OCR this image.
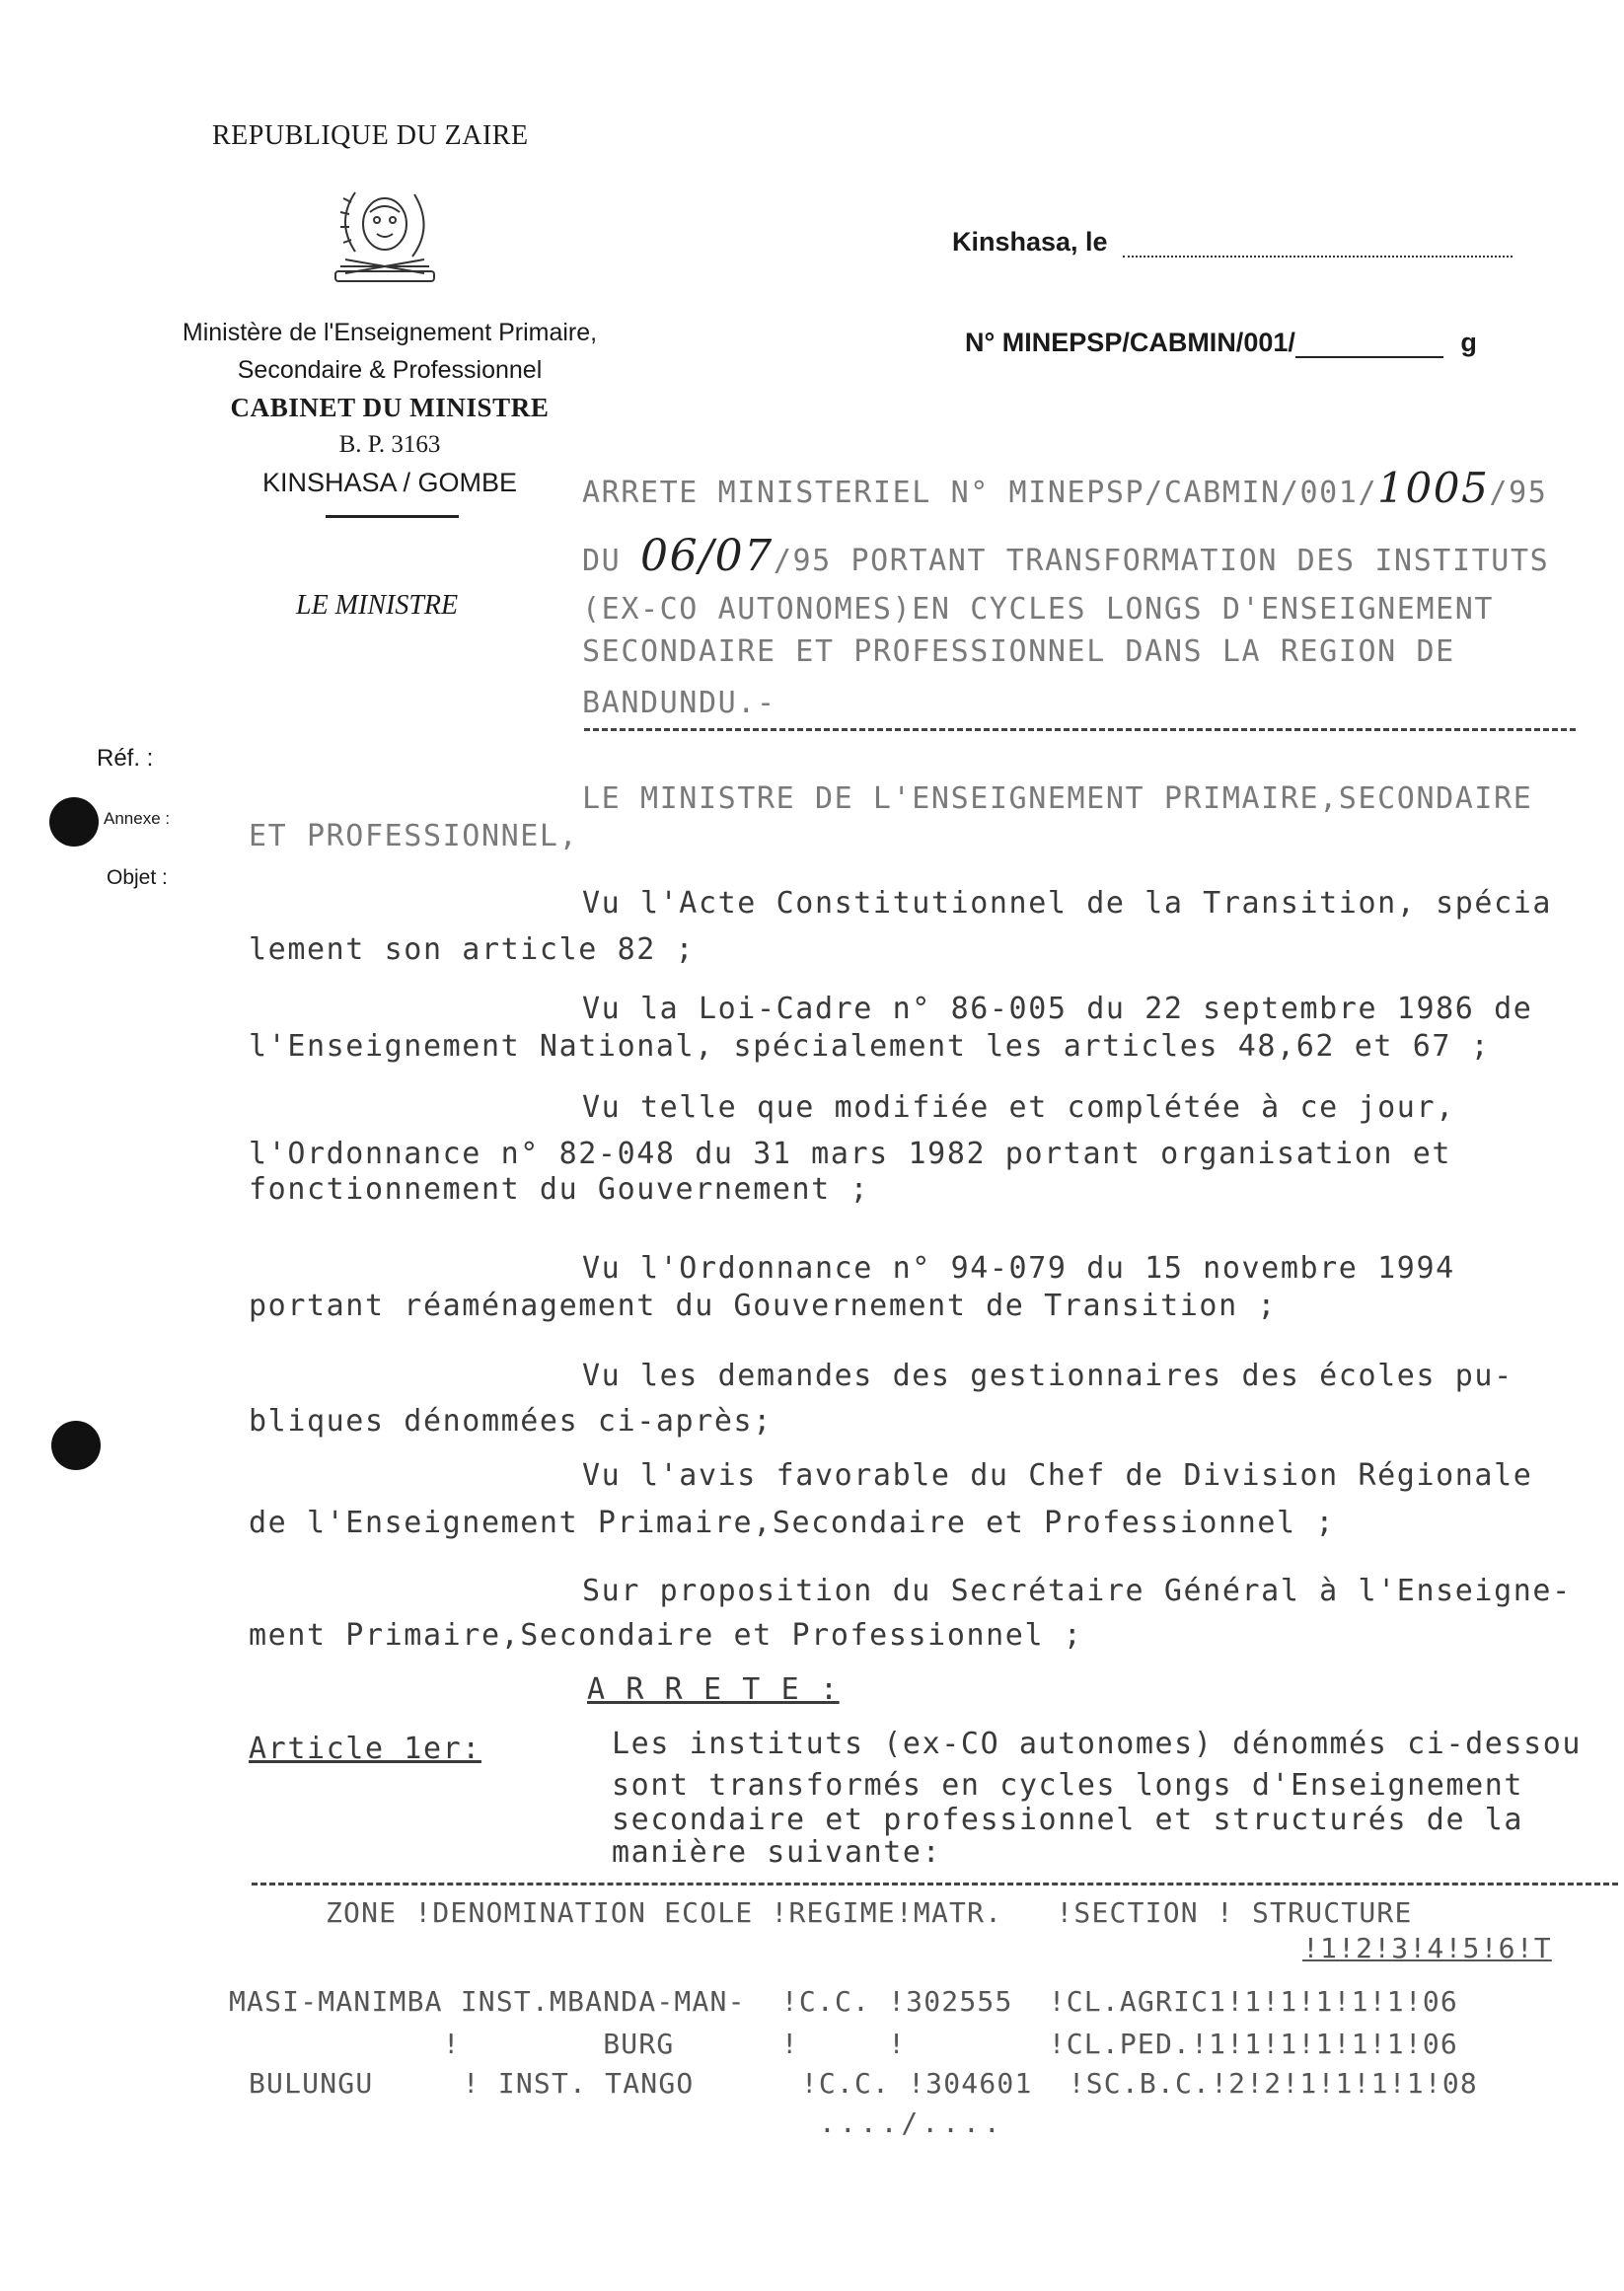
REPUBLIQUE DU ZAIRE
Ministère de l'Enseignement Primaire,
Secondaire & Professionnel
CABINET DU MINISTRE
B. P. 3163
KINSHASA / GOMBE
LE MINISTRE
Kinshasa, le
N° MINEPSP/CABMIN/001/	g
Réf. :
Annexe :
Objet :
ARRETE MINISTERIEL N° MINEPSP/CABMIN/001/1005/95
DU 06/07/95 PORTANT TRANSFORMATION DES INSTITUTS
(EX-CO AUTONOMES)EN CYCLES LONGS D'ENSEIGNEMENT
SECONDAIRE ET PROFESSIONNEL DANS LA REGION DE
BANDUNDU.-
LE MINISTRE DE L'ENSEIGNEMENT PRIMAIRE,SECONDAIRE
ET PROFESSIONNEL,
Vu l'Acte Constitutionnel de la Transition, spécia
lement son article 82 ;
Vu la Loi-Cadre n° 86-005 du 22 septembre 1986 de
l'Enseignement National, spécialement les articles 48,62 et 67 ;
Vu telle que modifiée et complétée à ce jour,
l'Ordonnance n° 82-048 du 31 mars 1982 portant organisation et
fonctionnement du Gouvernement ;
Vu l'Ordonnance n° 94-079 du 15 novembre 1994
portant réaménagement du Gouvernement de Transition ;
Vu les demandes des gestionnaires des écoles pu-
bliques dénommées ci-après;
Vu l'avis favorable du Chef de Division Régionale
de l'Enseignement Primaire,Secondaire et Professionnel ;
Sur proposition du Secrétaire Général à l'Enseigne-
ment Primaire,Secondaire et Professionnel ;
A R R E T E :
Article 1er:	Les instituts (ex-CO autonomes) dénommés ci-dessou
sont transformés en cycles longs d'Enseignement
secondaire et professionnel et structurés de la
manière suivante:
ZONE !DENOMINATION ECOLE !REGIME!MATR.   !SECTION ! STRUCTURE
!1!2!3!4!5!6!T
MASI-MANIMBA INST.MBANDA-MAN-  !C.C. !302555  !CL.AGRIC1!1!1!1!1!1!06
!        BURG      !     !        !CL.PED.!1!1!1!1!1!1!06
BULUNGU     ! INST. TANGO      !C.C. !304601  !SC.B.C.!2!2!1!1!1!1!08
..../....
